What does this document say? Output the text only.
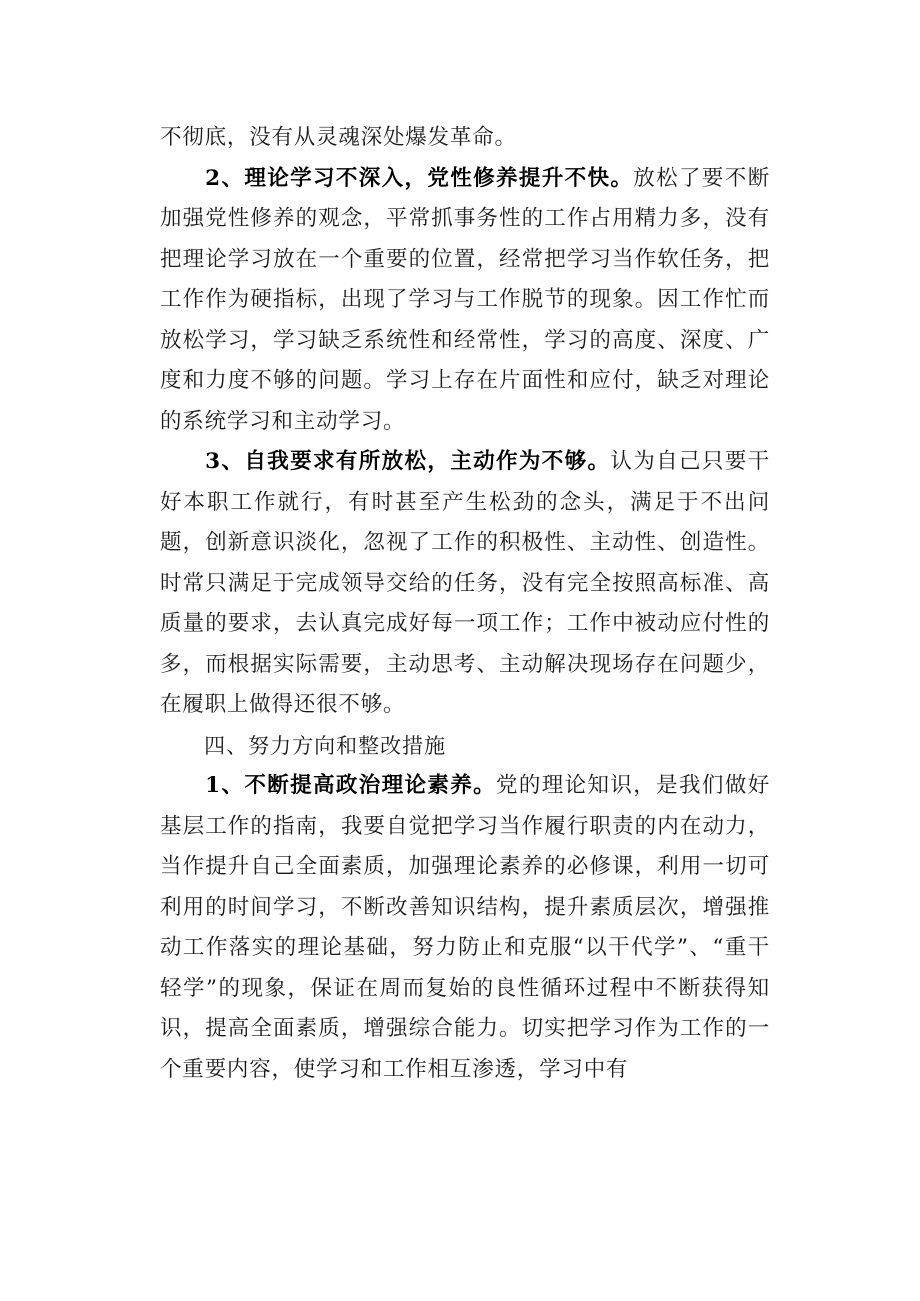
不彻底，没有从灵魂深处爆发革命。

2、理论学习不深入，党性修养提升不快。放松了要不断加强党性修养的观念，平常抓事务性的工作占用精力多，没有把理论学习放在一个重要的位置，经常把学习当作软任务，把工作作为硬指标，出现了学习与工作脱节的现象。因工作忙而放松学习，学习缺乏系统性和经常性，学习的高度、深度、广度和力度不够的问题。学习上存在片面性和应付，缺乏对理论的系统学习和主动学习。

3、自我要求有所放松，主动作为不够。认为自己只要干好本职工作就行，有时甚至产生松劲的念头，满足于不出问题，创新意识淡化，忽视了工作的积极性、主动性、创造性。时常只满足于完成领导交给的任务，没有完全按照高标准、高质量的要求，去认真完成好每一项工作；工作中被动应付性的多，而根据实际需要，主动思考、主动解决现场存在问题少，在履职上做得还很不够。

四、努力方向和整改措施

1、不断提高政治理论素养。党的理论知识，是我们做好基层工作的指南，我要自觉把学习当作履行职责的内在动力，当作提升自己全面素质，加强理论素养的必修课，利用一切可利用的时间学习，不断改善知识结构，提升素质层次，增强推动工作落实的理论基础，努力防止和克服“以干代学”、“重干轻学”的现象，保证在周而复始的良性循环过程中不断获得知识，提高全面素质，增强综合能力。切实把学习作为工作的一个重要内容，使学习和工作相互渗透，学习中有
